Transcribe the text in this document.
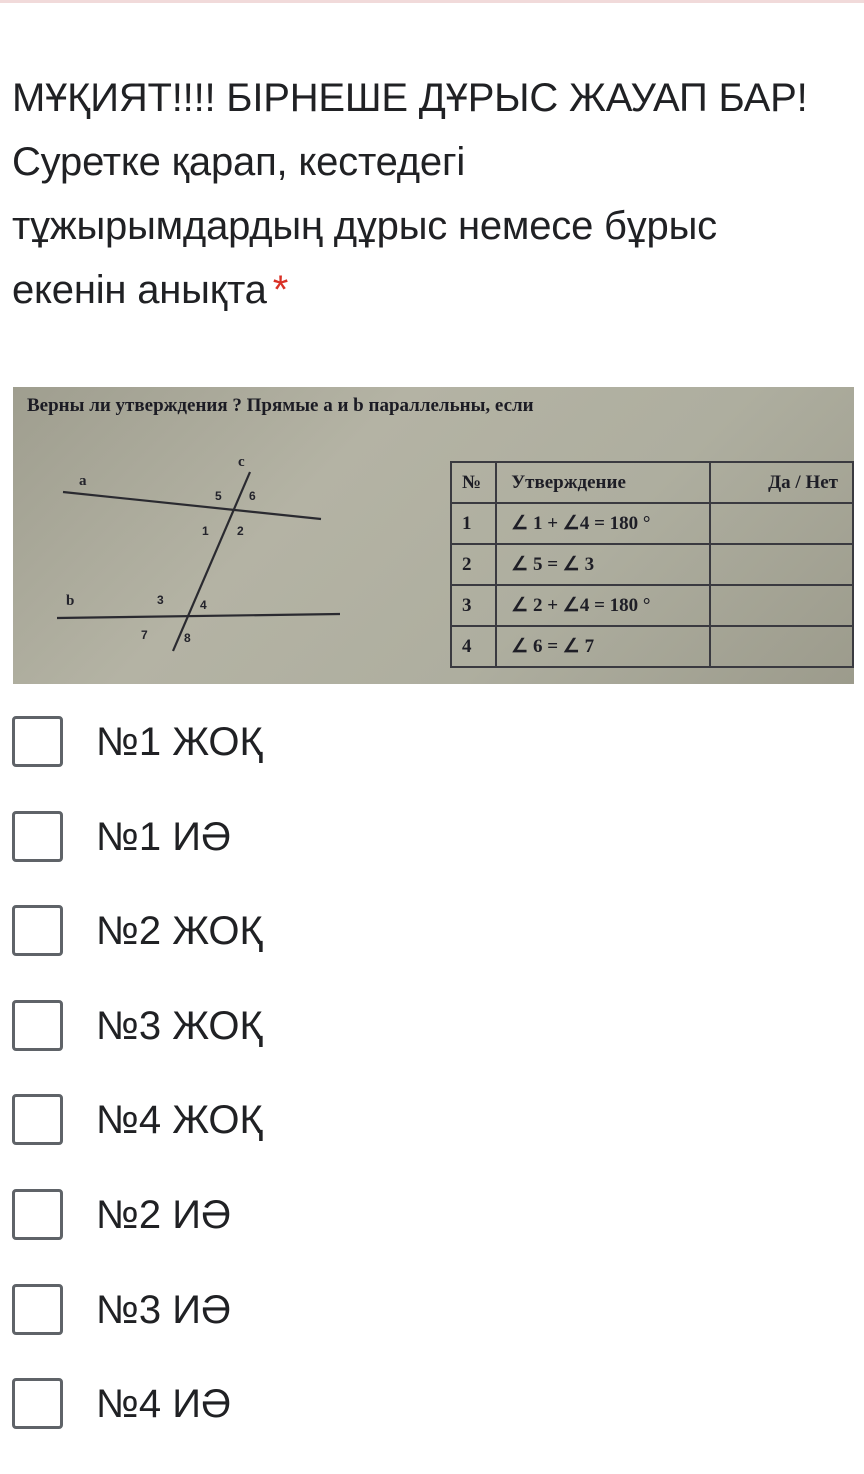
МҰҚИЯТ!!!! БІРНЕШЕ ДҰРЫС ЖАУАП БАР!
Суретке қарап, кестедегі
тұжырымдардың дұрыс немесе бұрыс
екенін анықта *
Верны ли утверждения ? Прямые a и b параллельны, если
a
b
c
5 6
1 2
3	4
7	8
№	Утверждение	Да / Нет
1	∠ 1 + ∠4 = 180 °	
2	∠ 5 = ∠ 3	
3	∠ 2 + ∠4 = 180 °	
4	∠ 6 = ∠ 7	
№1 ЖОҚ
№1 ИӘ
№2 ЖОҚ
№3 ЖОҚ
№4 ЖОҚ
№2 ИӘ
№3 ИӘ
№4 ИӘ
